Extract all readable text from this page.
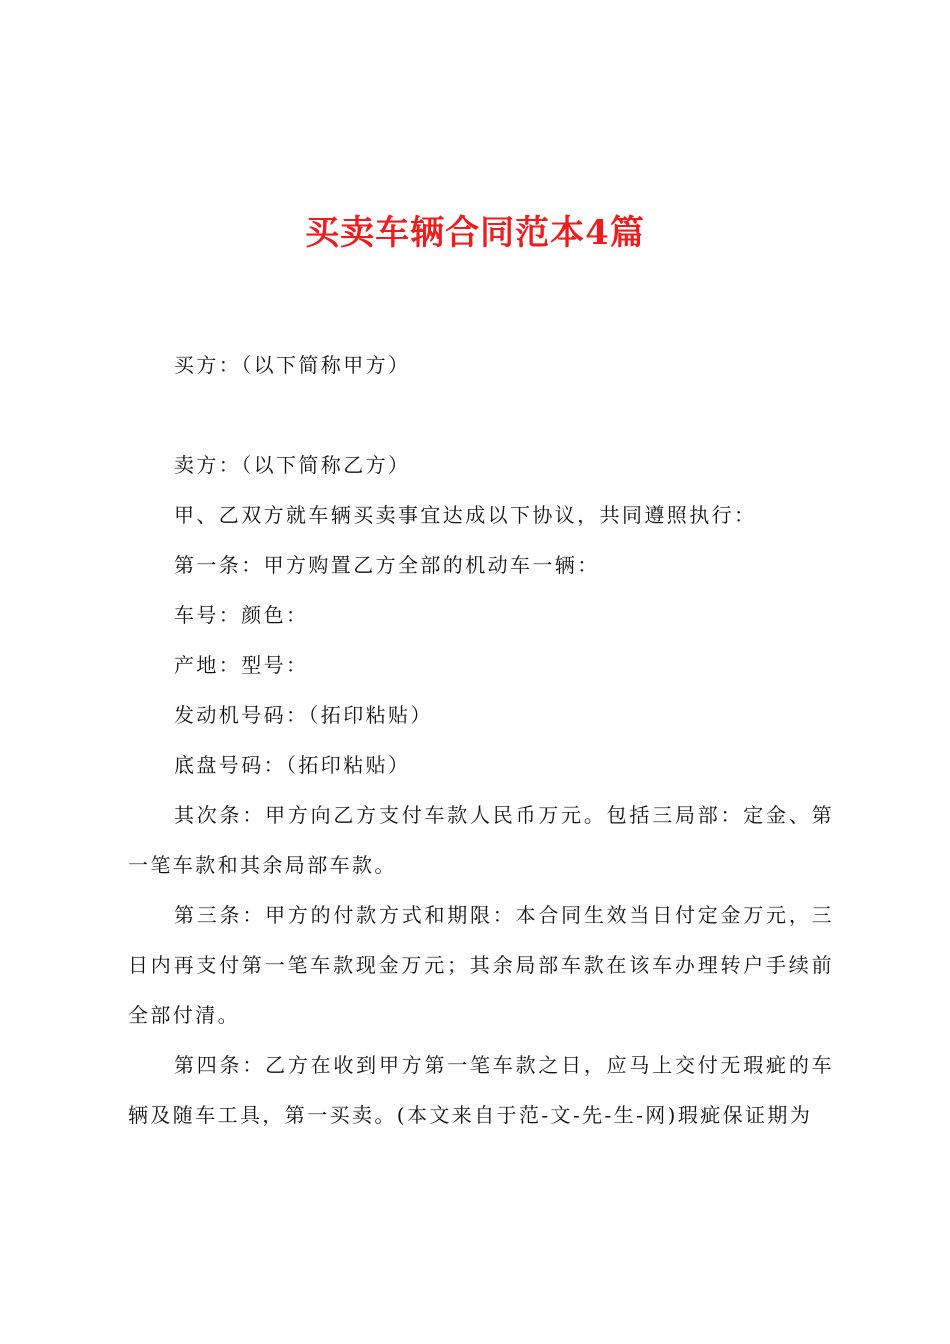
买卖车辆合同范本4篇

买方：（以下简称甲方）

卖方：（以下简称乙方）

甲、乙双方就车辆买卖事宜达成以下协议，共同遵照执行：

第一条：甲方购置乙方全部的机动车一辆：

车号：颜色：

产地：型号：

发动机号码：（拓印粘贴）

底盘号码：（拓印粘贴）

其次条：甲方向乙方支付车款人民币万元。包括三局部：定金、第一笔车款和其余局部车款。

第三条：甲方的付款方式和期限：本合同生效当日付定金万元，三日内再支付第一笔车款现金万元；其余局部车款在该车办理转户手续前全部付清。

第四条：乙方在收到甲方第一笔车款之日，应马上交付无瑕疵的车辆及随车工具，第一买卖。(本文来自于范-文-先-生-网)瑕疵保证期为
